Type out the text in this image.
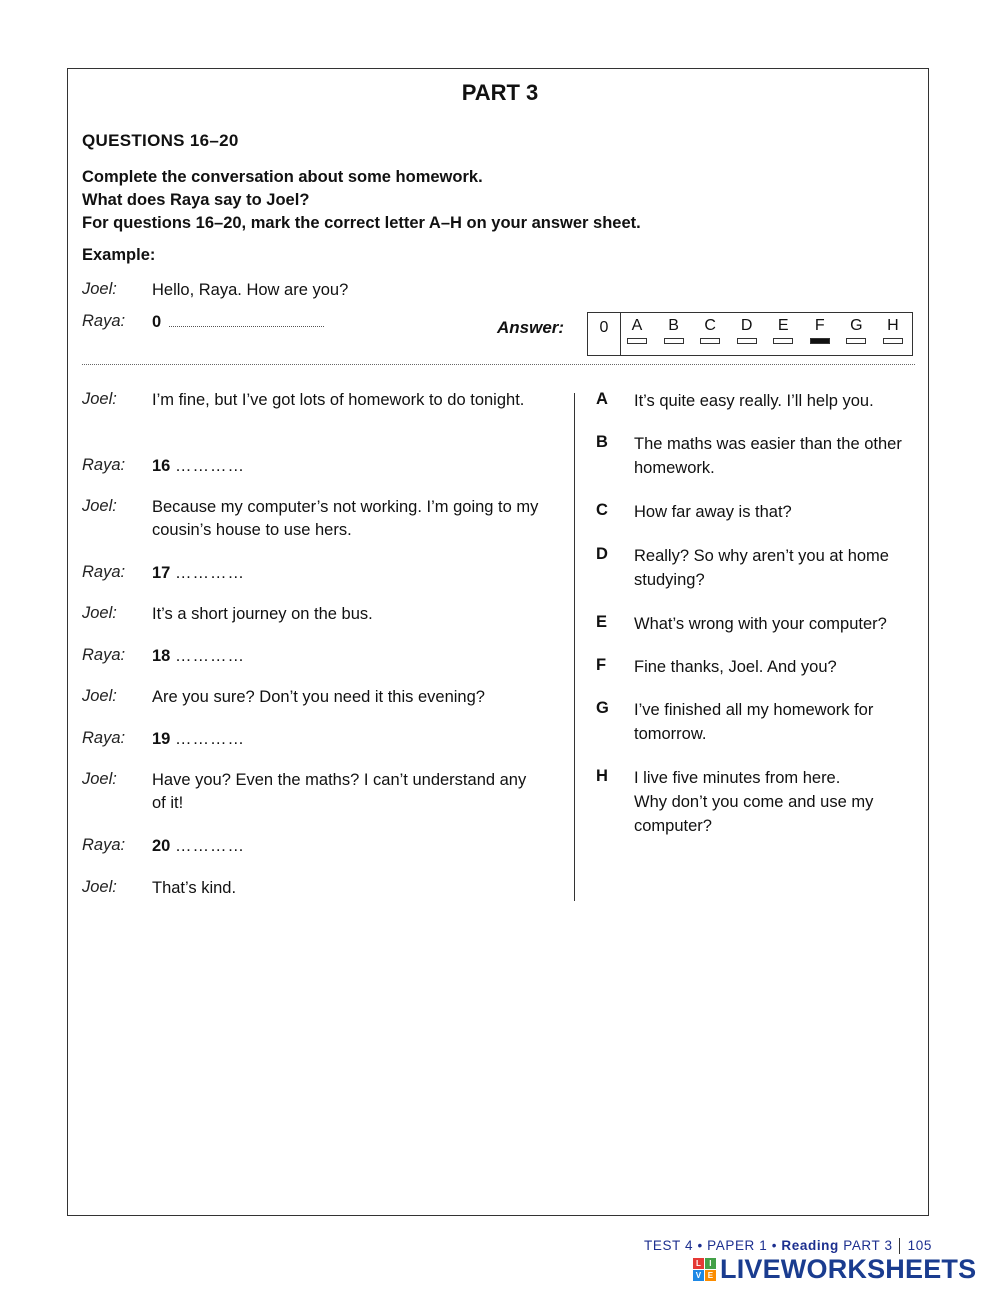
PART 3
QUESTIONS 16–20
Complete the conversation about some homework.
What does Raya say to Joel?
For questions 16–20, mark the correct letter A–H on your answer sheet.
Example:
Joel: Hello, Raya. How are you?
Raya: 0	Answer:	0	A	B	C	D	E	F	G	H
Joel: I’m fine, but I’ve got lots of homework to do tonight.
Raya: 16 …………
Joel: Because my computer’s not working. I’m going to my cousin’s house to use hers.
Raya: 17 …………
Joel: It’s a short journey on the bus.
Raya: 18 …………
Joel: Are you sure? Don’t you need it this evening?
Raya: 19 …………
Joel: Have you? Even the maths? I can’t understand any of it!
Raya: 20 …………
Joel: That’s kind.
A It’s quite easy really. I’ll help you.
B The maths was easier than the other homework.
C How far away is that?
D Really? So why aren’t you at home studying?
E What’s wrong with your computer?
F Fine thanks, Joel. And you?
G I’ve finished all my homework for tomorrow.
H I live five minutes from here.
Why don’t you come and use my computer?
TEST 4 • PAPER 1 • Reading PART 3 105
L	I
V E LIVEWORKSHEETS
